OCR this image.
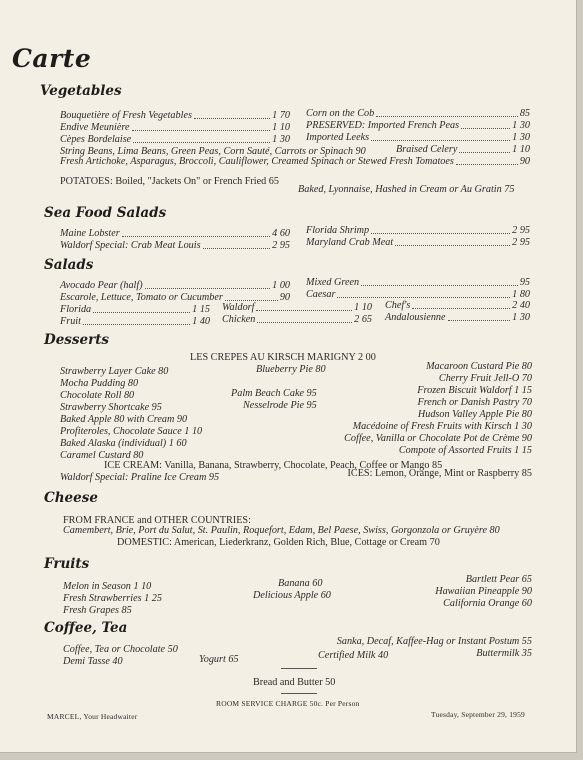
Carte
Vegetables
Bouquetière of Fresh Vegetables	1 70
Endive Meunière	1 10
Cèpes Bordelaise	1 30
Corn on the Cob	85
PRESERVED: Imported French Peas	1 30
Imported Leeks	1 30
Braised Celery	1 10
String Beans, Lima Beans, Green Peas, Corn Sauté, Carrots or Spinach 90
Fresh Artichoke, Asparagus, Broccoli, Cauliflower, Creamed Spinach or Stewed Fresh Tomatoes	90
POTATOES: Boiled, "Jackets On" or French Fried 65
Baked, Lyonnaise, Hashed in Cream or Au Gratin 75
Sea Food Salads
Maine Lobster	4 60
Waldorf Special: Crab Meat Louis	2 95
Florida Shrimp	2 95
Maryland Crab Meat	2 95
Salads
Avocado Pear (half)	1 00
Escarole, Lettuce, Tomato or Cucumber	90
Florida	1 15
Fruit	1 40
Waldorf	1 10
Chicken	2 65
Mixed Green	95
Caesar	1 80
Chef's	2 40
Andalousienne	1 30
Desserts
LES CREPES AU KIRSCH MARIGNY 2 00
Strawberry Layer Cake 80
Mocha Pudding 80
Chocolate Roll 80
Strawberry Shortcake 95
Baked Apple 80 with Cream 90
Profiteroles, Chocolate Sauce 1 10
Baked Alaska (individual) 1 60
Caramel Custard 80
Blueberry Pie 80
Palm Beach Cake 95
Nesselrode Pie 95
Macaroon Custard Pie 80
Cherry Fruit Jell-O 70
Frozen Biscuit Waldorf 1 15
French or Danish Pastry 70
Hudson Valley Apple Pie 80
Macédoine of Fresh Fruits with Kirsch 1 30
Coffee, Vanilla or Chocolate Pot de Crème 90
Compote of Assorted Fruits 1 15
ICE CREAM: Vanilla, Banana, Strawberry, Chocolate, Peach, Coffee or Mango 85
Waldorf Special: Praline Ice Cream 95	ICES: Lemon, Orange, Mint or Raspberry 85
Cheese
FROM FRANCE and OTHER COUNTRIES:
Camembert, Brie, Port du Salut, St. Paulin, Roquefort, Edam, Bel Paese, Swiss, Gorgonzola or Gruyère 80
DOMESTIC: American, Liederkranz, Golden Rich, Blue, Cottage or Cream 70
Fruits
Melon in Season 1 10
Fresh Strawberries 1 25
Fresh Grapes 85
Banana 60
Delicious Apple 60
Bartlett Pear 65
Hawaiian Pineapple 90
California Orange 60
Coffee, Tea
Coffee, Tea or Chocolate 50
Demi Tasse 40	Yogurt 65
Sanka, Decaf, Kaffee-Hag or Instant Postum 55
Certified Milk 40	Buttermilk 35
Bread and Butter 50
ROOM SERVICE CHARGE 50c. Per Person
MARCEL, Your Headwaiter	Tuesday, September 29, 1959
